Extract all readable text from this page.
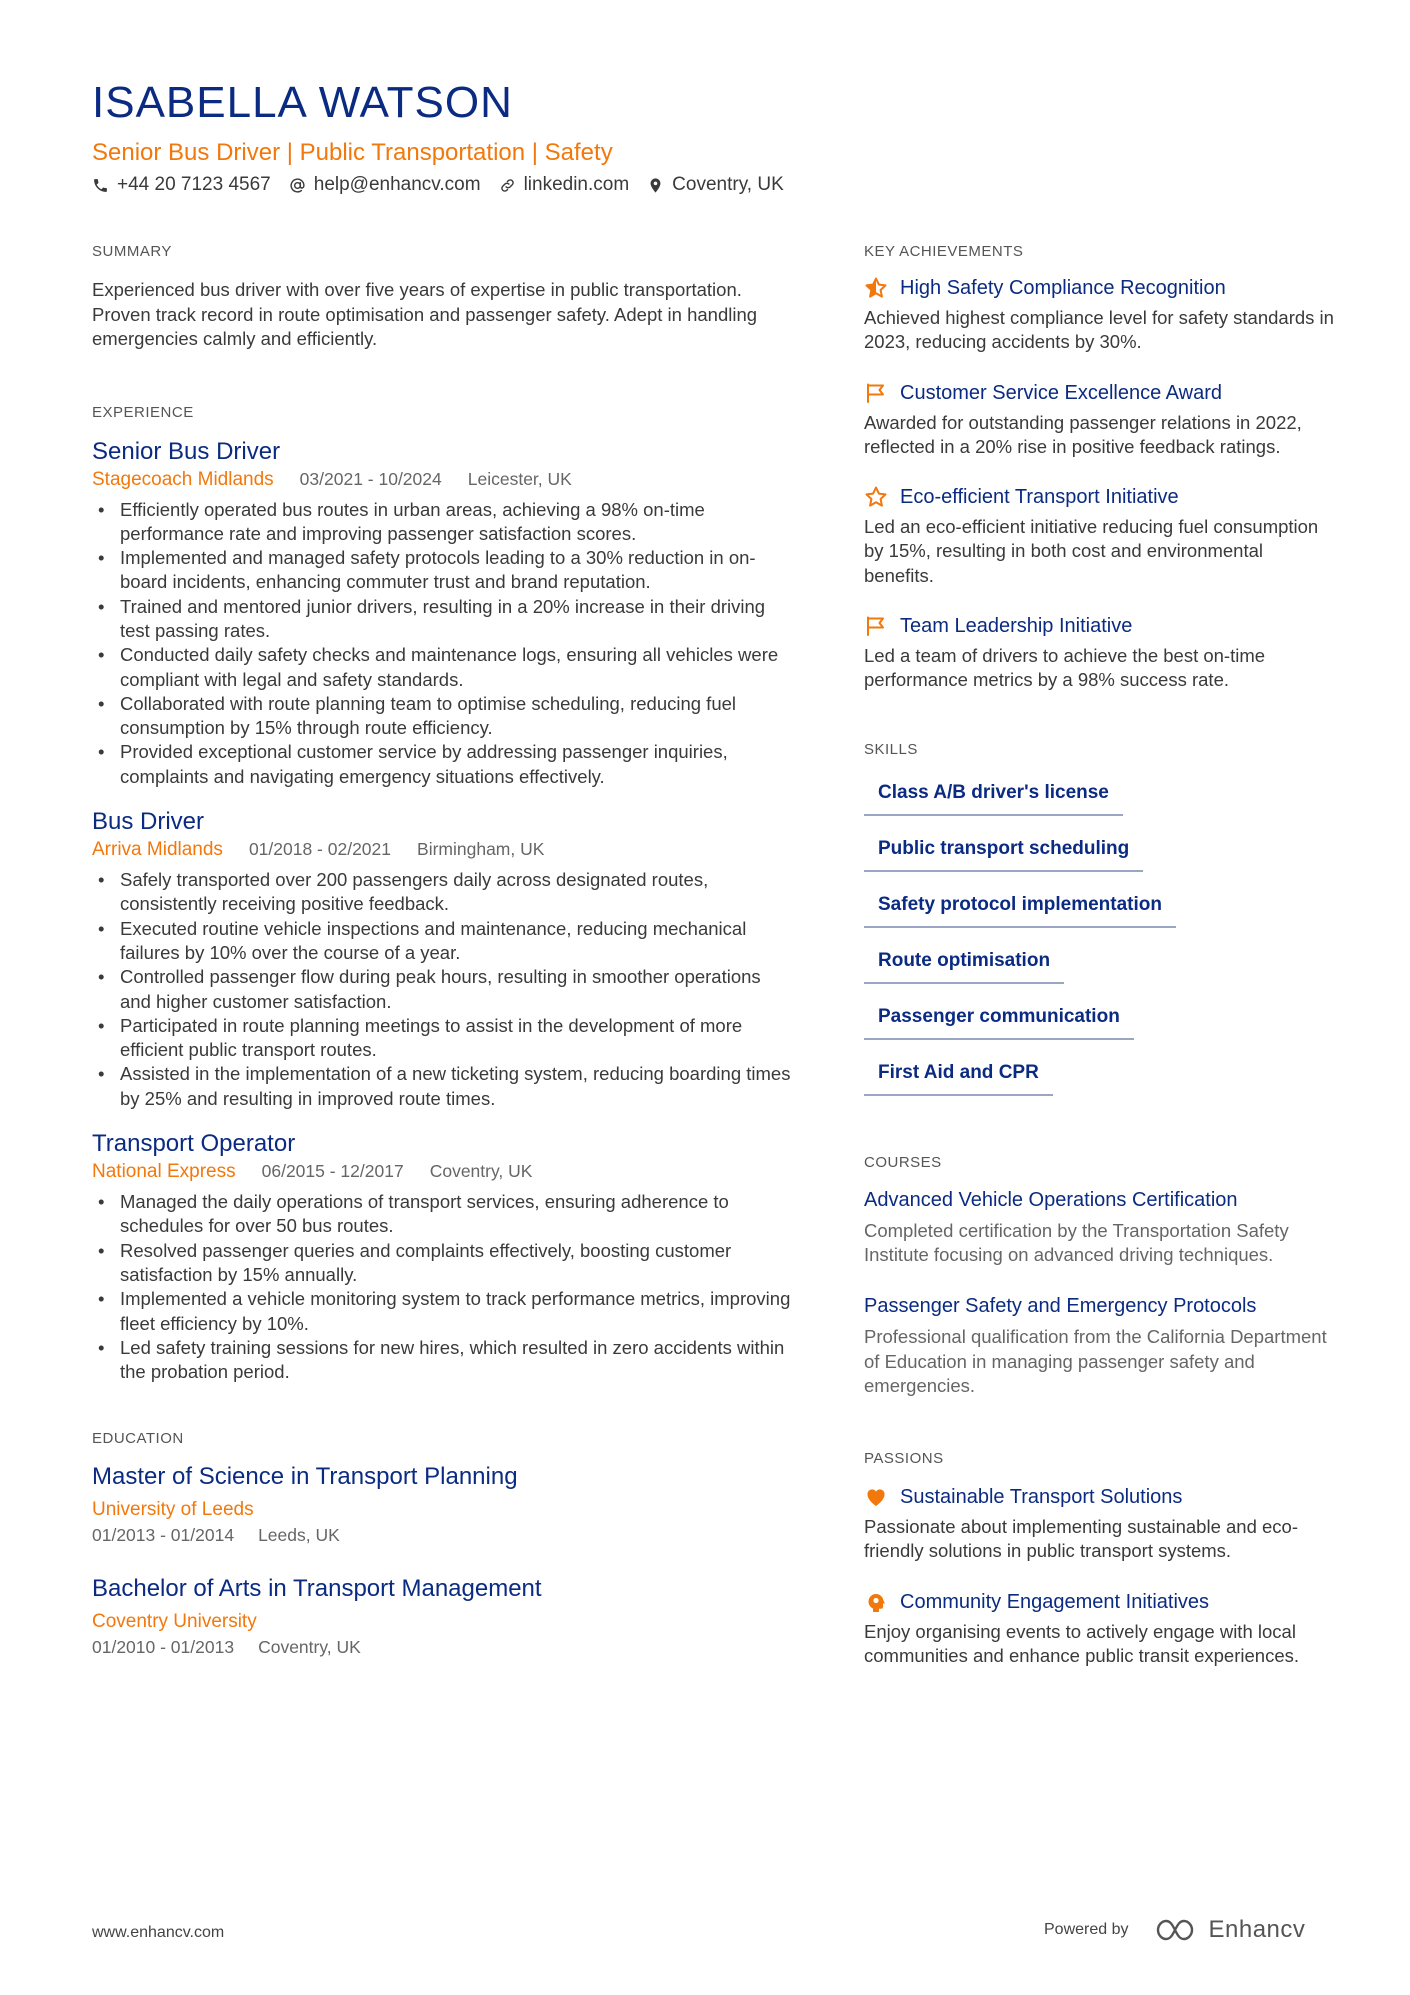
ISABELLA WATSON
Senior Bus Driver | Public Transportation | Safety
+44 20 7123 4567 help@enhancv.com linkedin.com Coventry, UK
SUMMARY

Experienced bus driver with over five years of expertise in public transportation. Proven track record in route optimisation and passenger safety. Adept in handling emergencies calmly and efficiently.

EXPERIENCE
Senior Bus Driver
Stagecoach Midlands 03/2021 - 10/2024 Leicester, UK
• Efficiently operated bus routes in urban areas, achieving a 98% on-time performance rate and improving passenger satisfaction scores.
• Implemented and managed safety protocols leading to a 30% reduction in on-board incidents, enhancing commuter trust and brand reputation.
• Trained and mentored junior drivers, resulting in a 20% increase in their driving test passing rates.
• Conducted daily safety checks and maintenance logs, ensuring all vehicles were compliant with legal and safety standards.
• Collaborated with route planning team to optimise scheduling, reducing fuel consumption by 15% through route efficiency.
• Provided exceptional customer service by addressing passenger inquiries, complaints and navigating emergency situations effectively.
Bus Driver
Arriva Midlands 01/2018 - 02/2021 Birmingham, UK
• Safely transported over 200 passengers daily across designated routes, consistently receiving positive feedback.
• Executed routine vehicle inspections and maintenance, reducing mechanical failures by 10% over the course of a year.
• Controlled passenger flow during peak hours, resulting in smoother operations and higher customer satisfaction.
• Participated in route planning meetings to assist in the development of more efficient public transport routes.
• Assisted in the implementation of a new ticketing system, reducing boarding times by 25% and resulting in improved route times.
Transport Operator
National Express 06/2015 - 12/2017 Coventry, UK
• Managed the daily operations of transport services, ensuring adherence to schedules for over 50 bus routes.
• Resolved passenger queries and complaints effectively, boosting customer satisfaction by 15% annually.
• Implemented a vehicle monitoring system to track performance metrics, improving fleet efficiency by 10%.
• Led safety training sessions for new hires, which resulted in zero accidents within the probation period.
EDUCATION
Master of Science in Transport Planning
University of Leeds
01/2013 - 01/2014 Leeds, UK
Bachelor of Arts in Transport Management
Coventry University
01/2010 - 01/2013 Coventry, UK
KEY ACHIEVEMENTS
High Safety Compliance Recognition

Achieved highest compliance level for safety standards in 2023, reducing accidents by 30%.

Customer Service Excellence Award

Awarded for outstanding passenger relations in 2022, reflected in a 20% rise in positive feedback ratings.

Eco-efficient Transport Initiative

Led an eco-efficient initiative reducing fuel consumption by 15%, resulting in both cost and environmental benefits.

Team Leadership Initiative

Led a team of drivers to achieve the best on-time performance metrics by a 98% success rate.

SKILLS
Class A/B driver's license
Public transport scheduling
Safety protocol implementation
Route optimisation
Passenger communication
First Aid and CPR
COURSES
Advanced Vehicle Operations Certification

Completed certification by the Transportation Safety Institute focusing on advanced driving techniques.

Passenger Safety and Emergency Protocols

Professional qualification from the California Department of Education in managing passenger safety and emergencies.

PASSIONS
Sustainable Transport Solutions

Passionate about implementing sustainable and eco-friendly solutions in public transport systems.

Community Engagement Initiatives

Enjoy organising events to actively engage with local communities and enhance public transit experiences.

www.enhancv.com	Powered by	Enhancv
